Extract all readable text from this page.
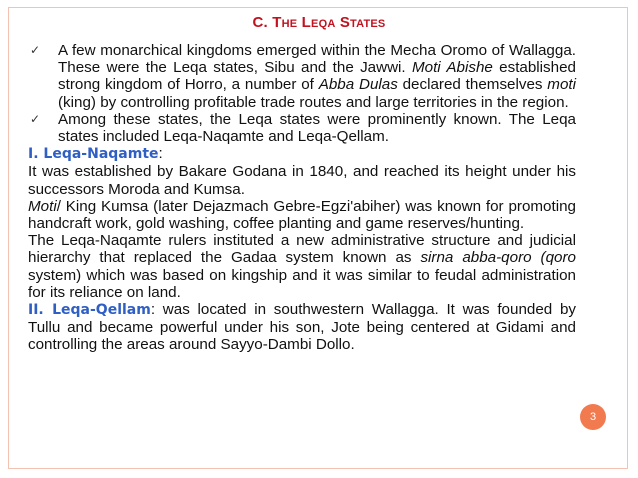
C. The Leqa States
✓ A few monarchical kingdoms emerged within the Mecha Oromo of Wallagga. These were the Leqa states, Sibu and the Jawwi. Moti Abishe established strong kingdom of Horro, a number of Abba Dulas declared themselves moti (king) by controlling profitable trade routes and large territories in the region.
✓ Among these states, the Leqa states were prominently known. The Leqa states included Leqa-Naqamte and Leqa-Qellam.
I. Leqa-Naqamte:
It was established by Bakare Godana in 1840, and reached its height under his successors Moroda and Kumsa.
Moti/ King Kumsa (later Dejazmach Gebre-Egzi'abiher) was known for promoting handcraft work, gold washing, coffee planting and game reserves/hunting.
The Leqa-Naqamte rulers instituted a new administrative structure and judicial hierarchy that replaced the Gadaa system known as sirna abba-qoro (qoro system) which was based on kingship and it was similar to feudal administration for its reliance on land.
II. Leqa-Qellam: was located in southwestern Wallagga. It was founded by Tullu and became powerful under his son, Jote being centered at Gidami and controlling the areas around Sayyo-Dambi Dollo.
3
